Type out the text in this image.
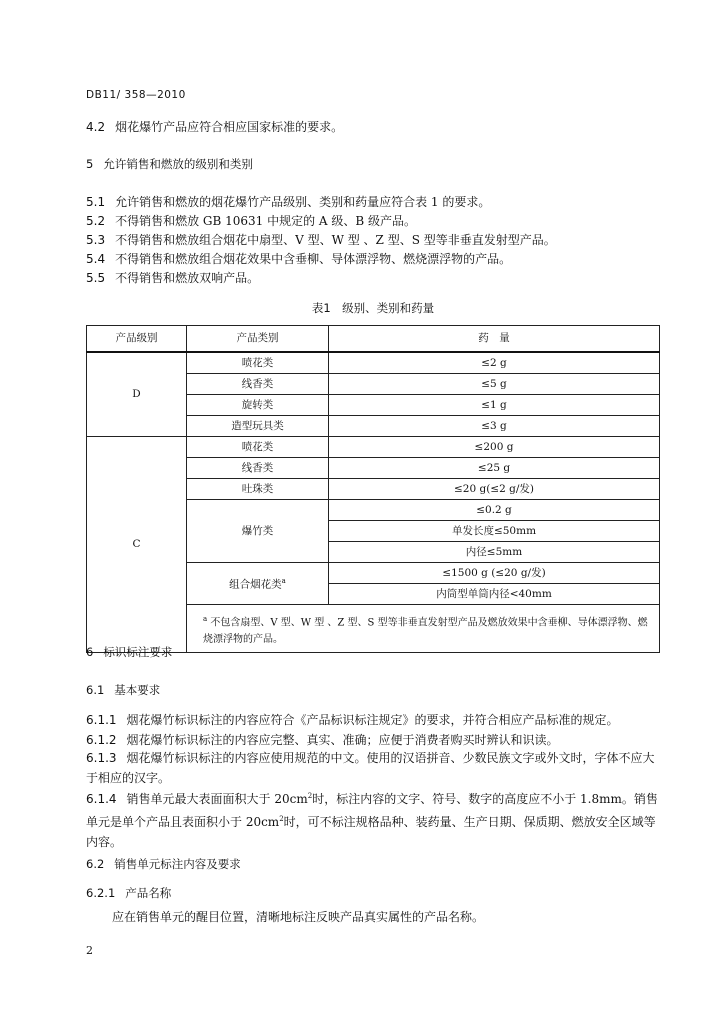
DB11/ 358—2010
4.2 烟花爆竹产品应符合相应国家标准的要求。
5 允许销售和燃放的级别和类别
5.1 允许销售和燃放的烟花爆竹产品级别、类别和药量应符合表 1 的要求。
5.2 不得销售和燃放 GB 10631 中规定的 A 级、B 级产品。
5.3 不得销售和燃放组合烟花中扇型、V 型、W 型 、Z 型、S 型等非垂直发射型产品。
5.4 不得销售和燃放组合烟花效果中含垂柳、导体漂浮物、燃烧漂浮物的产品。
5.5 不得销售和燃放双响产品。
表1　级别、类别和药量
产品级别	产品类别	药　量
D	喷花类	≤2 g
	线香类	≤5 g
	旋转类	≤1 g
	造型玩具类	≤3 g
C	喷花类	≤200 g
	线香类	≤25 g
	吐珠类	≤20 g(≤2 g/发)
	爆竹类	≤0.2 g
		单发长度≤50mm
		内径≤5mm
	组合烟花类$^a$	≤1500 g (≤20 g/发)
		内筒型单筒内径<40mm
	$^a$ 不包含扇型、V 型、W 型 、Z 型、S 型等非垂直发射型产品及燃放效果中含垂柳、导体漂浮物、燃烧漂浮物的产品。	
6 标识标注要求
6.1 基本要求
6.1.1 烟花爆竹标识标注的内容应符合《产品标识标注规定》的要求，并符合相应产品标准的规定。
6.1.2 烟花爆竹标识标注的内容应完整、真实、准确；应便于消费者购买时辨认和识读。
6.1.3 烟花爆竹标识标注的内容应使用规范的中文。使用的汉语拼音、少数民族文字或外文时，字体不应大于相应的汉字。
6.1.4 销售单元最大表面面积大于 $20cm^2$时，标注内容的文字、符号、数字的高度应不小于 1.8mm。销售单元是单个产品且表面积小于 $20cm^2$时，可不标注规格品种、装药量、生产日期、保质期、燃放安全区域等内容。
6.2 销售单元标注内容及要求
6.2.1 产品名称
应在销售单元的醒目位置，清晰地标注反映产品真实属性的产品名称。
2
